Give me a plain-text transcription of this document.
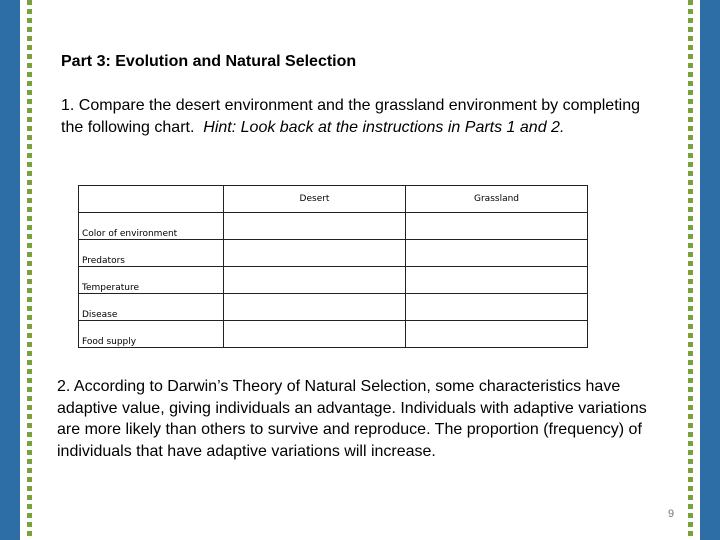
Part 3: Evolution and Natural Selection
1. Compare the desert environment and the grassland environment by completing the following chart. Hint: Look back at the instructions in Parts 1 and 2.
	Desert	Grassland
Color of environment		
Predators		
Temperature		
Disease		
Food supply		
2. According to Darwin’s Theory of Natural Selection, some characteristics have adaptive value, giving individuals an advantage. Individuals with adaptive variations are more likely than others to survive and reproduce. The proportion (frequency) of individuals that have adaptive variations will increase.
9
